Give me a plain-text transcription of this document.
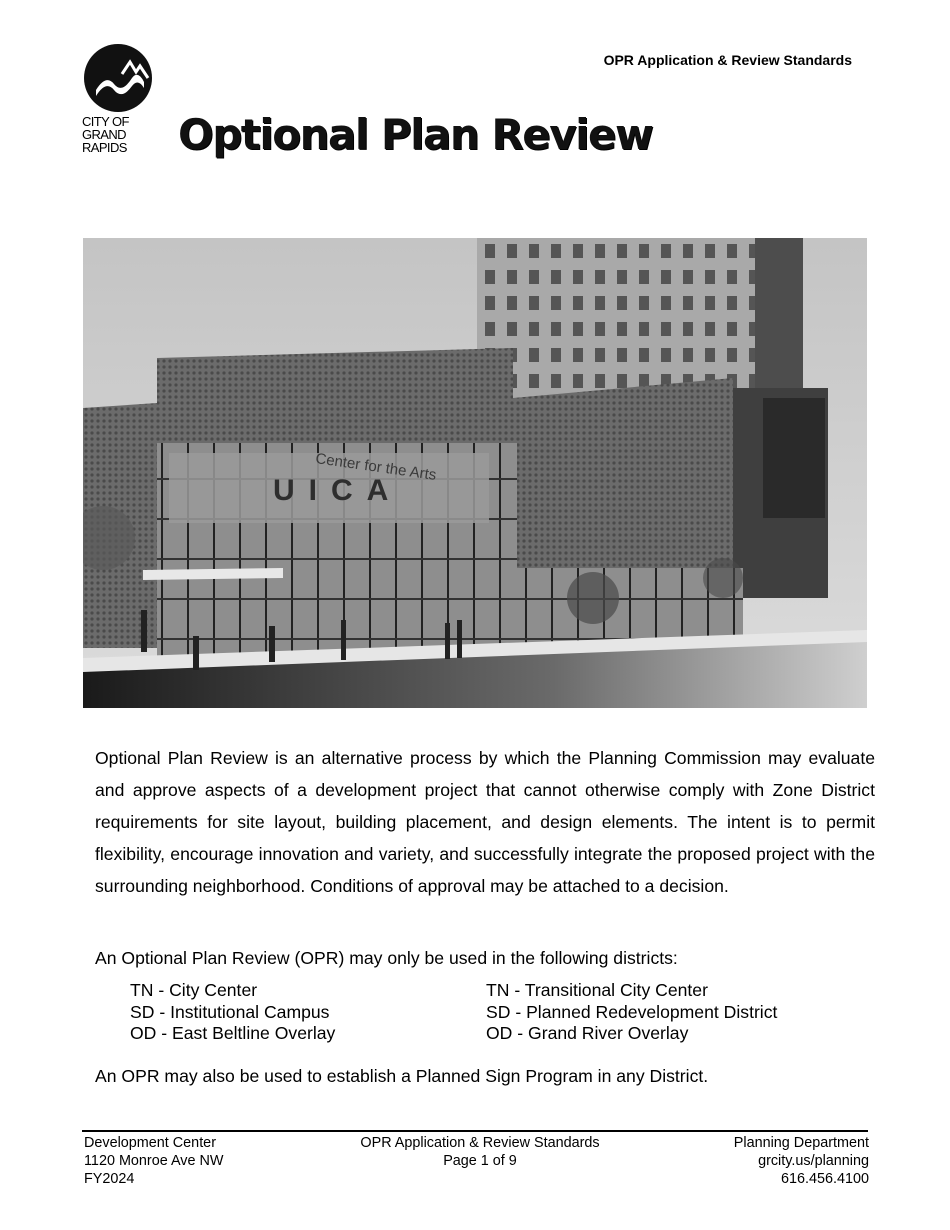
OPR Application & Review Standards
CITY OF
GRAND
RAPIDS	Optional Plan Review
Center for the Arts
UICA

Optional Plan Review is an alternative process by which the Planning Commission may evaluate and approve aspects of a development project that cannot otherwise comply with Zone District requirements for site layout, building placement, and design elements. The intent is to permit flexibility, encourage innovation and variety, and successfully integrate the proposed project with the surrounding neighborhood. Conditions of approval may be attached to a decision.

An Optional Plan Review (OPR) may only be used in the following districts:

TN - City Center	TN - Transitional City Center
SD - Institutional Campus	SD - Planned Redevelopment District
OD - East Beltline Overlay	OD - Grand River Overlay

An OPR may also be used to establish a Planned Sign Program in any District.

Development Center
1120 Monroe Ave NW
FY2024
OPR Application & Review Standards
Page 1 of 9
Planning Department
grcity.us/planning
616.456.4100
